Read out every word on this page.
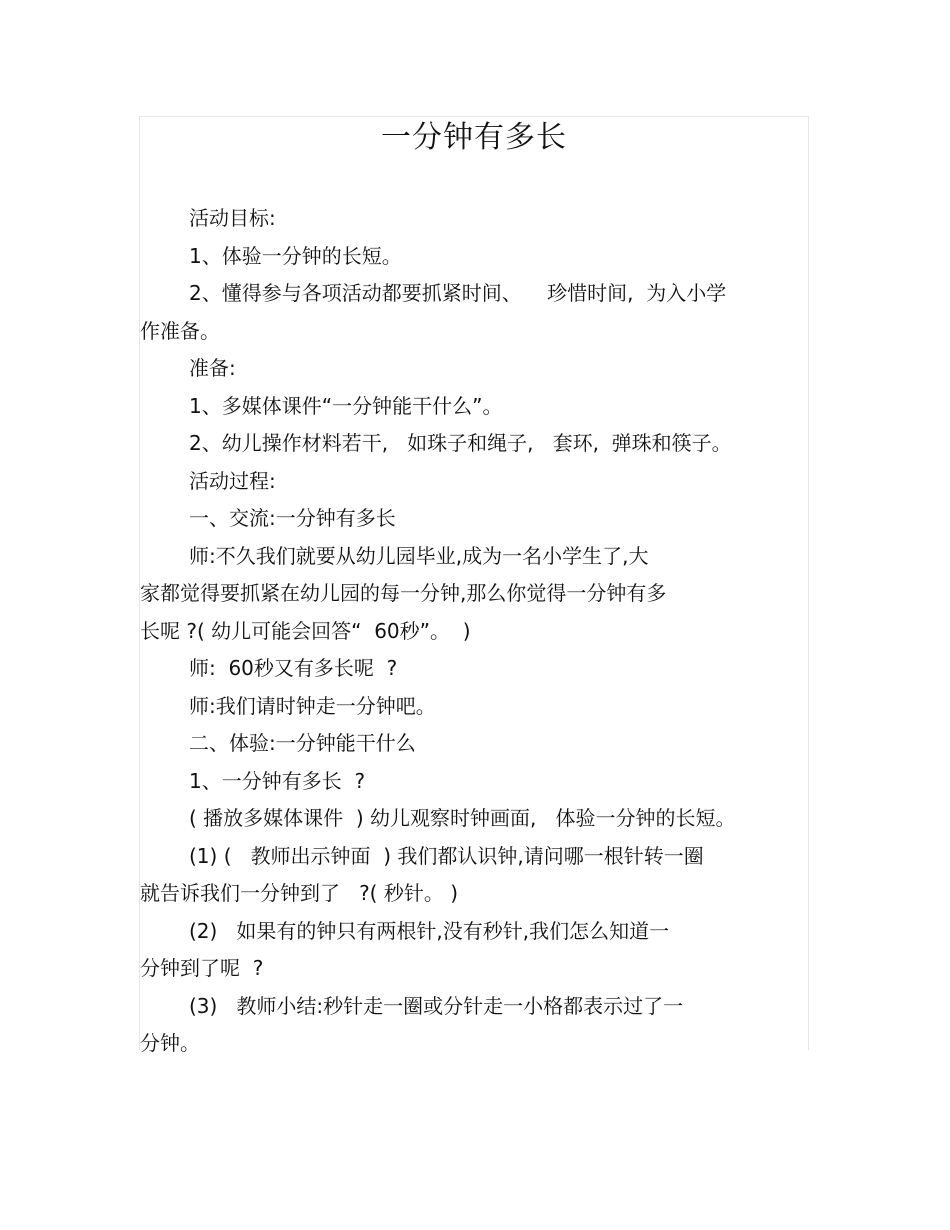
一分钟有多长
活动目标:
1、体验一分钟的长短。
2、懂得参与各项活动都要抓紧时间、    珍惜时间,  为入小学
作准备。
准备:
1、多媒体课件“一分钟能干什么”。
2、幼儿操作材料若干,   如珠子和绳子,   套环,  弹珠和筷子。
活动过程:
一、交流:一分钟有多长
师:不久我们就要从幼儿园毕业,成为一名小学生了,大
家都觉得要抓紧在幼儿园的每一分钟,那么你觉得一分钟有多
长呢 ?( 幼儿可能会回答“  60秒”。  )
师:  60秒又有多长呢  ?
师:我们请时钟走一分钟吧。
二、体验:一分钟能干什么
1、一分钟有多长  ?
( 播放多媒体课件  ) 幼儿观察时钟画面,   体验一分钟的长短。
(1) (   教师出示钟面  ) 我们都认识钟,请问哪一根针转一圈
就告诉我们一分钟到了   ?( 秒针。 )
(2)   如果有的钟只有两根针,没有秒针,我们怎么知道一
分钟到了呢  ?
(3)   教师小结:秒针走一圈或分针走一小格都表示过了一
分钟。
